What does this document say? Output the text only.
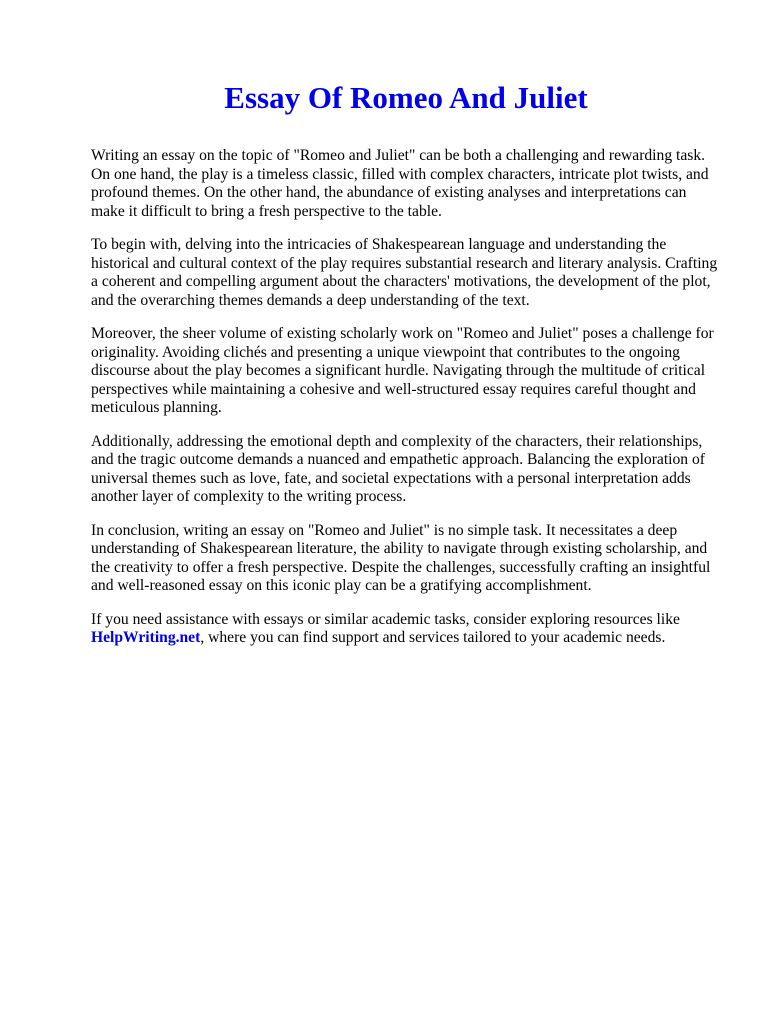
Essay Of Romeo And Juliet

Writing an essay on the topic of "Romeo and Juliet" can be both a challenging and rewarding task.
On one hand, the play is a timeless classic, filled with complex characters, intricate plot twists, and
profound themes. On the other hand, the abundance of existing analyses and interpretations can
make it difficult to bring a fresh perspective to the table.

To begin with, delving into the intricacies of Shakespearean language and understanding the
historical and cultural context of the play requires substantial research and literary analysis. Crafting
a coherent and compelling argument about the characters' motivations, the development of the plot,
and the overarching themes demands a deep understanding of the text.

Moreover, the sheer volume of existing scholarly work on "Romeo and Juliet" poses a challenge for
originality. Avoiding clichés and presenting a unique viewpoint that contributes to the ongoing
discourse about the play becomes a significant hurdle. Navigating through the multitude of critical
perspectives while maintaining a cohesive and well-structured essay requires careful thought and
meticulous planning.

Additionally, addressing the emotional depth and complexity of the characters, their relationships,
and the tragic outcome demands a nuanced and empathetic approach. Balancing the exploration of
universal themes such as love, fate, and societal expectations with a personal interpretation adds
another layer of complexity to the writing process.

In conclusion, writing an essay on "Romeo and Juliet" is no simple task. It necessitates a deep
understanding of Shakespearean literature, the ability to navigate through existing scholarship, and
the creativity to offer a fresh perspective. Despite the challenges, successfully crafting an insightful
and well-reasoned essay on this iconic play can be a gratifying accomplishment.

If you need assistance with essays or similar academic tasks, consider exploring resources like
HelpWriting.net, where you can find support and services tailored to your academic needs.
